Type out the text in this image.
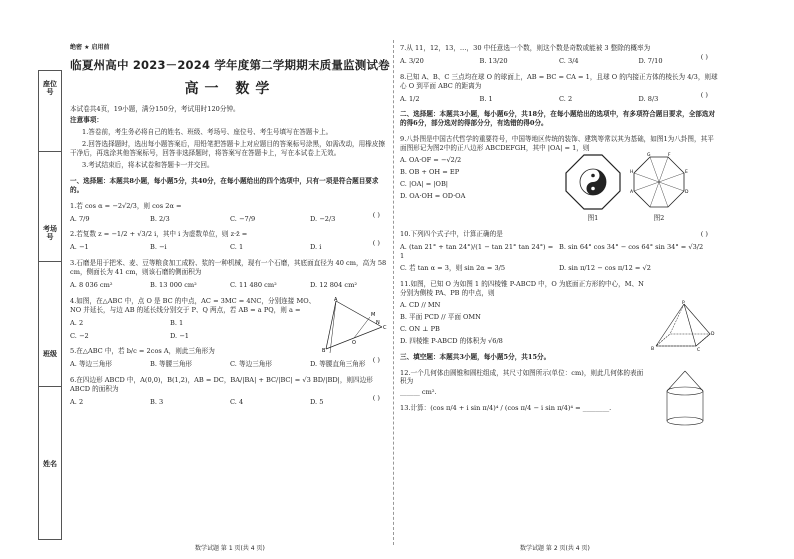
座位号
考场号
班级
姓名

绝密 ★ 启用前

临夏州高中 2023－2024 学年度第二学期期末质量监测试卷

高一 数学

本试卷共4页，19小题，满分150分，考试用时120分钟。

注意事项：

1.答卷前，考生务必将自己的姓名、班级、考场号、座位号、考生号填写在答题卡上。

2.回答选择题时，选出每小题答案后，用铅笔把答题卡上对应题目的答案标号涂黑，如需改动，用橡皮擦干净后，再选涂其他答案标号，回答非选择题时，将答案写在答题卡上，写在本试卷上无效。

3.考试结束后，将本试卷和答题卡一并交回。

一、选择题：本题共8小题，每小题5分，共40分，在每小题给出的四个选项中，只有一项是符合题目要求的。

1.若 cos α = −2√2/3，则 cos 2α =

( )
A. 7/9	B. 2/3	C. −7/9	D. −2/3

2.若复数 z = −1/2 + √3/2 i，其中 i 为虚数单位，则 z·z̄ =

( )
A. −1	B. −i	C. 1	D. i

3.石磨是用于把米、麦、豆等粮食加工成粉、浆的一种机械，现有一个石磨，其底面直径为 40 cm，高为 58 cm，侧面长为 41 cm，则该石磨的侧面积为

A. 8 036 cm²	B. 13 000 cm²	C. 11 480 cm²	D. 12 804 cm²

4.如图，在△ABC 中，点 O 是 BC 的中点，AC = 3MC = 4NC，分别连接 MO、NO 并延长，与边 AB 的延长线分别交于 P、Q 两点，若 AB = a PQ，则 a =

A. 2	B. 1
C. −2	D. −1
A
B
C
M
N
O

5.在△ABC 中，若 b/c = 2cos A，则此三角形为

( )
A. 等边三角形	B. 等腰三角形	C. 等边三角形	D. 等腰直角三角形

6.在四边形 ABCD 中，A(0,0)，B(1,2)，AB = DC，BA/|BA| + BC/|BC| = √3 BD/|BD|，则四边形 ABCD 的面积为

( )
A. 2	B. 3	C. 4	D. 5

7.从 11，12，13，…，30 中任意选一个数，则这个数是奇数或能被 3 整除的概率为

( )
A. 3/20	B. 13/20	C. 3/4	D. 7/10

8.已知 A、B、C 三点均在球 O 的球面上，AB = BC = CA = 1，且球 O 的内接正方体的棱长为 4/3，则球心 O 到平面 ABC 的距离为

( )
A. 1/2	B. 1	C. 2	D. 8/3

二、选择题：本题共3小题，每小题6分，共18分，在每小题给出的选项中，有多项符合题目要求，全部选对的得6分，部分选对的得部分分，有选错的得0分。

9.八卦图是中国古代哲学的重要符号，中国等地区传统的装饰、建筑等常以其为基础，如图1为八卦图，其平面图形记为图2中的正八边形 ABCDEFGH，其中 |OA| = 1，则

A. OA·OF = −√2/2

B. OB + OH = EP

C. |OA| = |OB|

D. OA·OH = OD·OA

图1
G	F
E
D
H
A
图2

10.下列四个式子中，计算正确的是	( )
A. (tan 21° + tan 24°)/(1 − tan 21° tan 24°) = 1
B. sin 64° cos 34° − cos 64° sin 34° = √3/2
C. 若 tan α = 3，则 sin 2α = 3/5	D. sin π/12 − cos π/12 = √2

11.如图，已知 O 为如图 1 的四棱锥 P-ABCD 中，O 为底面正方形的中心，M、N 分别为侧棱 PA、PB 的中点，则

A. CD // MN

B. 平面 PCD // 平面 OMN

C. ON ⊥ PB

D. 四棱锥 P-ABCD 的体积为 √6/8

P
B	C
D

三、填空题：本题共3小题，每小题5分，共15分。

12.一个几何体由圆锥和圆柱组成，其尺寸如图所示(单位：cm)，则此几何体的表面积为

______ cm².

13.计算：(cos π/4 + i sin π/4)⁴ / (cos π/4 − i sin π/4)⁴ = ________.

数学试题 第 1 页(共 4 页)	数学试题 第 2 页(共 4 页)
